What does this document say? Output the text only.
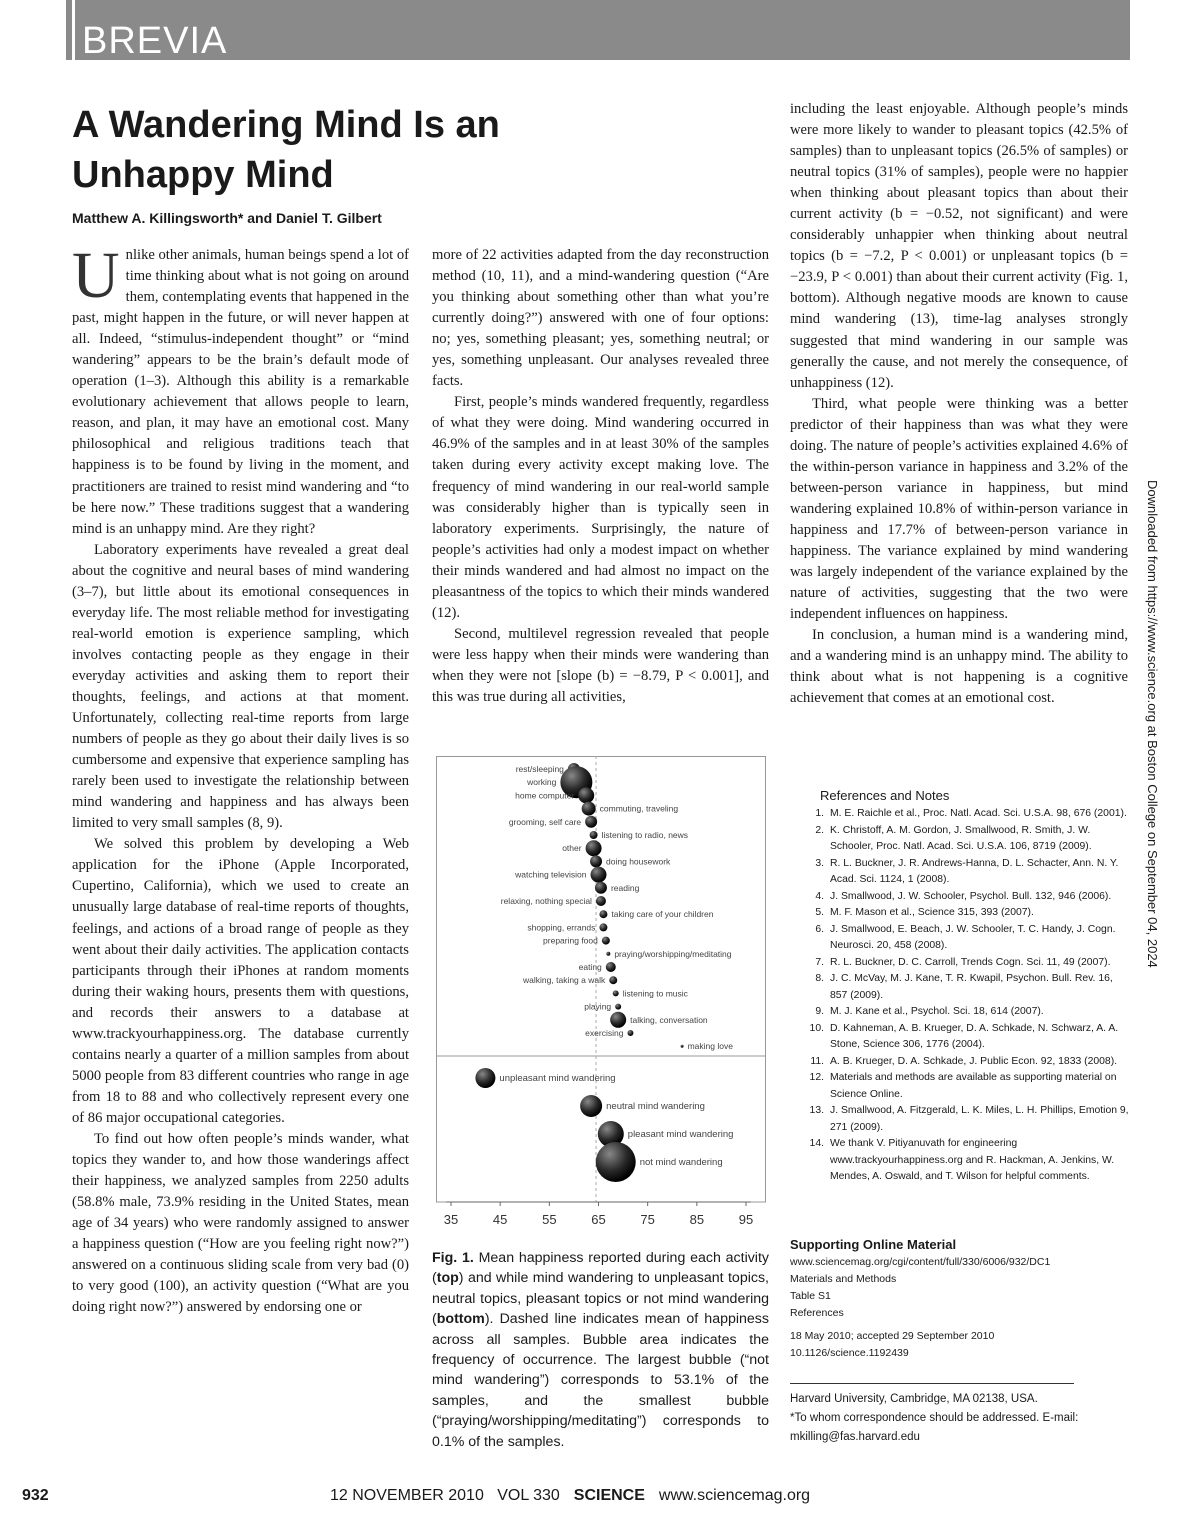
BREVIA
A Wandering Mind Is an Unhappy Mind
Matthew A. Killingsworth* and Daniel T. Gilbert

Unlike other animals, human beings spend a lot of time thinking about what is not going on around them, contemplating events that happened in the past, might happen in the future, or will never happen at all. Indeed, “stimulus-independent thought” or “mind wandering” appears to be the brain’s default mode of operation (1–3). Although this ability is a remarkable evolutionary achievement that allows people to learn, reason, and plan, it may have an emotional cost. Many philosophical and religious traditions teach that happiness is to be found by living in the moment, and practitioners are trained to resist mind wandering and “to be here now.” These traditions suggest that a wandering mind is an unhappy mind. Are they right?

Laboratory experiments have revealed a great deal about the cognitive and neural bases of mind wandering (3–7), but little about its emotional consequences in everyday life. The most reliable method for investigating real-world emotion is experience sampling, which involves contacting people as they engage in their everyday activities and asking them to report their thoughts, feelings, and actions at that moment. Unfortunately, collecting real-time reports from large numbers of people as they go about their daily lives is so cumbersome and expensive that experience sampling has rarely been used to investigate the relationship between mind wandering and happiness and has always been limited to very small samples (8, 9).

We solved this problem by developing a Web application for the iPhone (Apple Incorporated, Cupertino, California), which we used to create an unusually large database of real-time reports of thoughts, feelings, and actions of a broad range of people as they went about their daily activities. The application contacts participants through their iPhones at random moments during their waking hours, presents them with questions, and records their answers to a database at www.trackyourhappiness.org. The database currently contains nearly a quarter of a million samples from about 5000 people from 83 different countries who range in age from 18 to 88 and who collectively represent every one of 86 major occupational categories.

To find out how often people’s minds wander, what topics they wander to, and how those wanderings affect their happiness, we analyzed samples from 2250 adults (58.8% male, 73.9% residing in the United States, mean age of 34 years) who were randomly assigned to answer a happiness question (“How are you feeling right now?”) answered on a continuous sliding scale from very bad (0) to very good (100), an activity question (“What are you doing right now?”) answered by endorsing one or

more of 22 activities adapted from the day reconstruction method (10, 11), and a mind-wandering question (“Are you thinking about something other than what you’re currently doing?”) answered with one of four options: no; yes, something pleasant; yes, something neutral; or yes, something unpleasant. Our analyses revealed three facts.

First, people’s minds wandered frequently, regardless of what they were doing. Mind wandering occurred in 46.9% of the samples and in at least 30% of the samples taken during every activity except making love. The frequency of mind wandering in our real-world sample was considerably higher than is typically seen in laboratory experiments. Surprisingly, the nature of people’s activities had only a modest impact on whether their minds wandered and had almost no impact on the pleasantness of the topics to which their minds wandered (12).

Second, multilevel regression revealed that people were less happy when their minds were wandering than when they were not [slope (b) = −8.79, P < 0.001], and this was true during all activities,

35	45	55	65	75	85	95
rest/sleeping
working
home computer
commuting, traveling
grooming, self care
listening to radio, news
other
doing housework
watching television
reading
relaxing, nothing special
taking care of your children
shopping, errands
preparing food
praying/worshipping/meditating
eating
walking, taking a walk
listening to music
playing
talking, conversation
exercising
making love
unpleasant mind wandering
neutral mind wandering
pleasant mind wandering
not mind wandering
Fig. 1. Mean happiness reported during each activity (top) and while mind wandering to unpleasant topics, neutral topics, pleasant topics or not mind wandering (bottom). Dashed line indicates mean of happiness across all samples. Bubble area indicates the frequency of occurrence. The largest bubble (“not mind wandering”) corresponds to 53.1% of the samples, and the smallest bubble (“praying/worshipping/meditating”) corresponds to 0.1% of the samples.

including the least enjoyable. Although people’s minds were more likely to wander to pleasant topics (42.5% of samples) than to unpleasant topics (26.5% of samples) or neutral topics (31% of samples), people were no happier when thinking about pleasant topics than about their current activity (b = −0.52, not significant) and were considerably unhappier when thinking about neutral topics (b = −7.2, P < 0.001) or unpleasant topics (b = −23.9, P < 0.001) than about their current activity (Fig. 1, bottom). Although negative moods are known to cause mind wandering (13), time-lag analyses strongly suggested that mind wandering in our sample was generally the cause, and not merely the consequence, of unhappiness (12).

Third, what people were thinking was a better predictor of their happiness than was what they were doing. The nature of people’s activities explained 4.6% of the within-person variance in happiness and 3.2% of the between-person variance in happiness, but mind wandering explained 10.8% of within-person variance in happiness and 17.7% of between-person variance in happiness. The variance explained by mind wandering was largely independent of the variance explained by the nature of activities, suggesting that the two were independent influences on happiness.

In conclusion, a human mind is a wandering mind, and a wandering mind is an unhappy mind. The ability to think about what is not happening is a cognitive achievement that comes at an emotional cost.

References and Notes
1. M. E. Raichle et al., Proc. Natl. Acad. Sci. U.S.A. 98, 676 (2001).
2. K. Christoff, A. M. Gordon, J. Smallwood, R. Smith, J. W. Schooler, Proc. Natl. Acad. Sci. U.S.A. 106, 8719 (2009).
3. R. L. Buckner, J. R. Andrews-Hanna, D. L. Schacter, Ann. N. Y. Acad. Sci. 1124, 1 (2008).
4. J. Smallwood, J. W. Schooler, Psychol. Bull. 132, 946 (2006).
5. M. F. Mason et al., Science 315, 393 (2007).
6. J. Smallwood, E. Beach, J. W. Schooler, T. C. Handy, J. Cogn. Neurosci. 20, 458 (2008).
7. R. L. Buckner, D. C. Carroll, Trends Cogn. Sci. 11, 49 (2007).
8. J. C. McVay, M. J. Kane, T. R. Kwapil, Psychon. Bull. Rev. 16, 857 (2009).
9. M. J. Kane et al., Psychol. Sci. 18, 614 (2007).
10. D. Kahneman, A. B. Krueger, D. A. Schkade, N. Schwarz, A. A. Stone, Science 306, 1776 (2004).
11. A. B. Krueger, D. A. Schkade, J. Public Econ. 92, 1833 (2008).
12. Materials and methods are available as supporting material on Science Online.
13. J. Smallwood, A. Fitzgerald, L. K. Miles, L. H. Phillips, Emotion 9, 271 (2009).
14. We thank V. Pitiyanuvath for engineering www.trackyourhappiness.org and R. Hackman, A. Jenkins, W. Mendes, A. Oswald, and T. Wilson for helpful comments.
Supporting Online Material
www.sciencemag.org/cgi/content/full/330/6006/932/DC1
Materials and Methods
Table S1
References
18 May 2010; accepted 29 September 2010
10.1126/science.1192439
Harvard University, Cambridge, MA 02138, USA.
*To whom correspondence should be addressed. E-mail: mkilling@fas.harvard.edu
Downloaded from https://www.science.org at Boston College on September 04, 2024
932	12 NOVEMBER 2010 VOL 330 SCIENCE www.sciencemag.org
